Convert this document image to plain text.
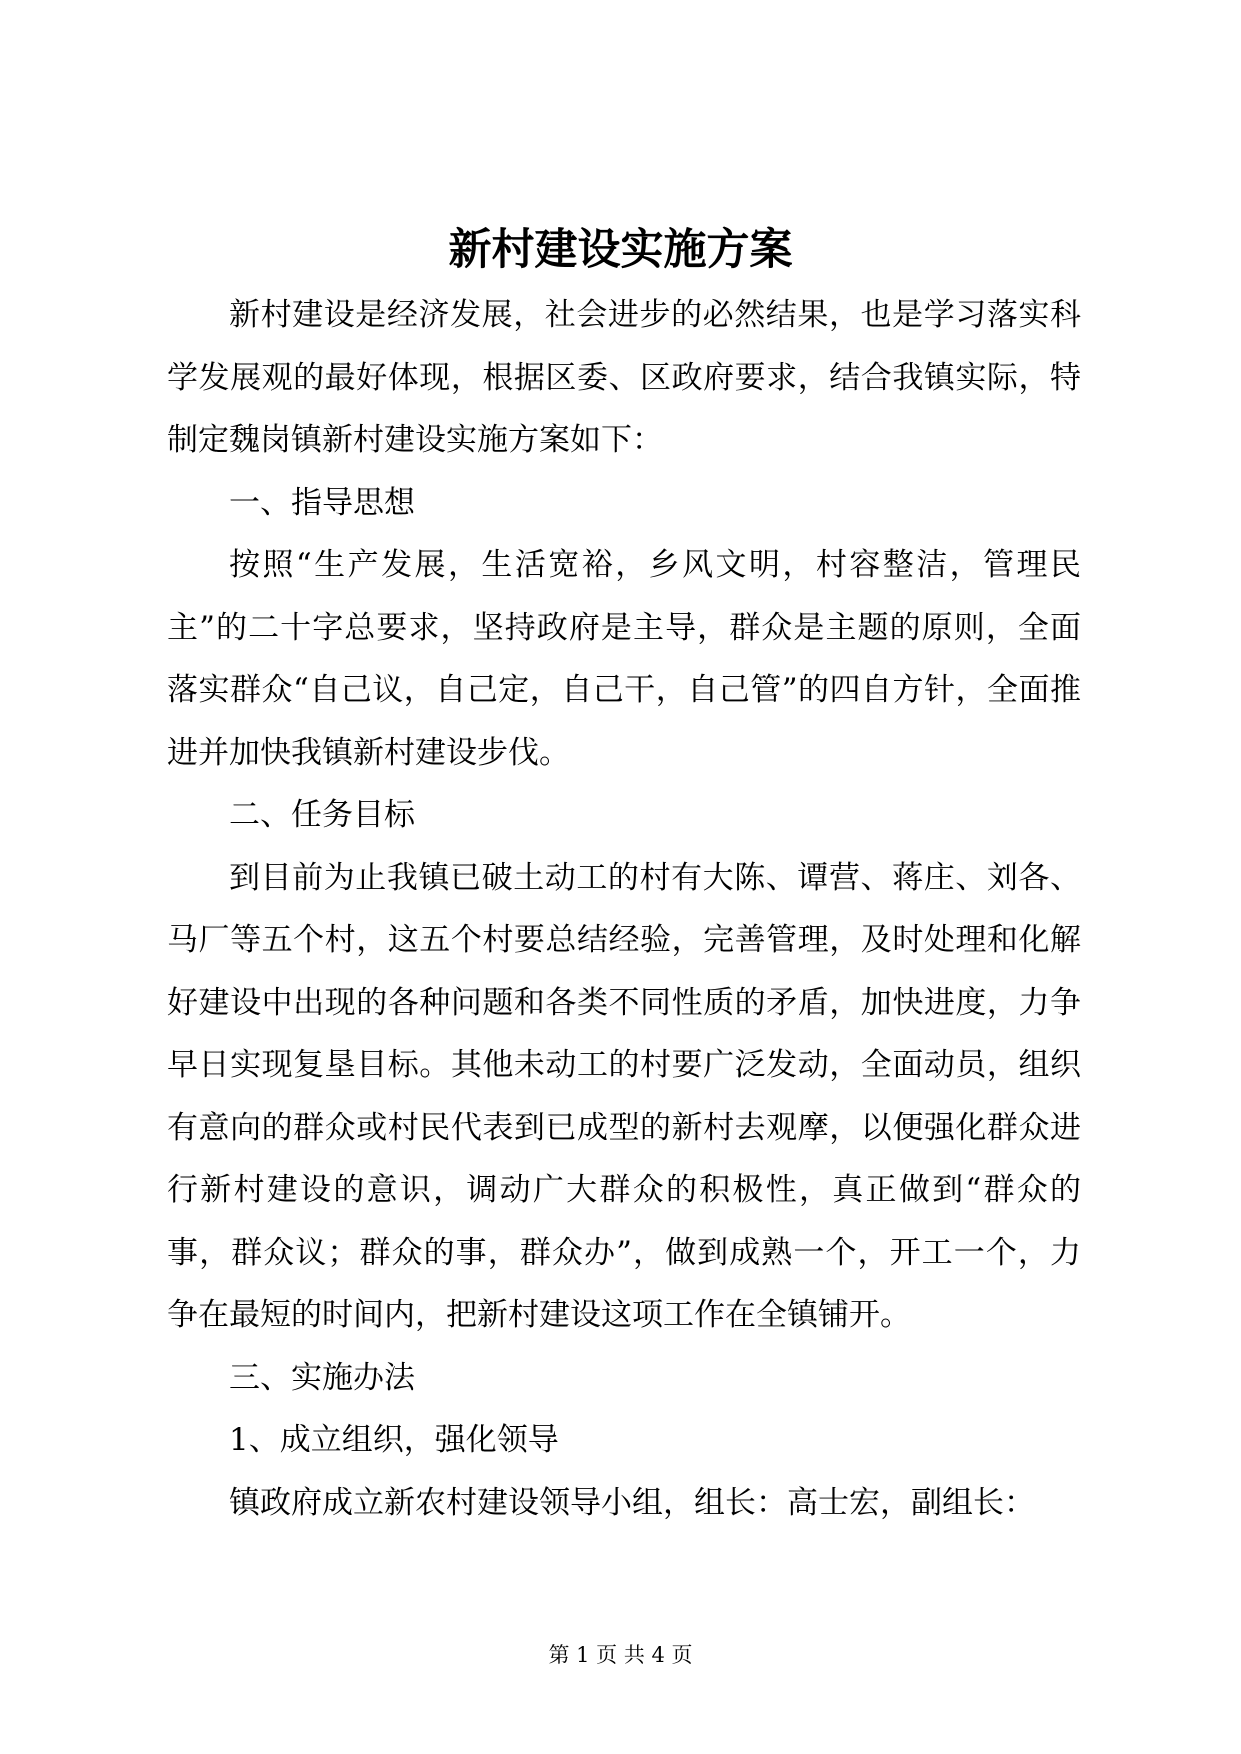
新村建设实施方案

新村建设是经济发展，社会进步的必然结果，也是学习落实科学发展观的最好体现，根据区委、区政府要求，结合我镇实际，特制定魏岗镇新村建设实施方案如下：

一、指导思想

按照“生产发展，生活宽裕，乡风文明，村容整洁，管理民主”的二十字总要求，坚持政府是主导，群众是主题的原则，全面落实群众“自己议，自己定，自己干，自己管”的四自方针，全面推进并加快我镇新村建设步伐。

二、任务目标

到目前为止我镇已破土动工的村有大陈、谭营、蒋庄、刘各、马厂等五个村，这五个村要总结经验，完善管理，及时处理和化解好建设中出现的各种问题和各类不同性质的矛盾，加快进度，力争早日实现复垦目标。其他未动工的村要广泛发动，全面动员，组织有意向的群众或村民代表到已成型的新村去观摩，以便强化群众进行新村建设的意识，调动广大群众的积极性，真正做到“群众的事，群众议；群众的事，群众办”，做到成熟一个，开工一个，力争在最短的时间内，把新村建设这项工作在全镇铺开。

三、实施办法

1、成立组织，强化领导

镇政府成立新农村建设领导小组，组长：高士宏，副组长：

第 1 页 共 4 页
